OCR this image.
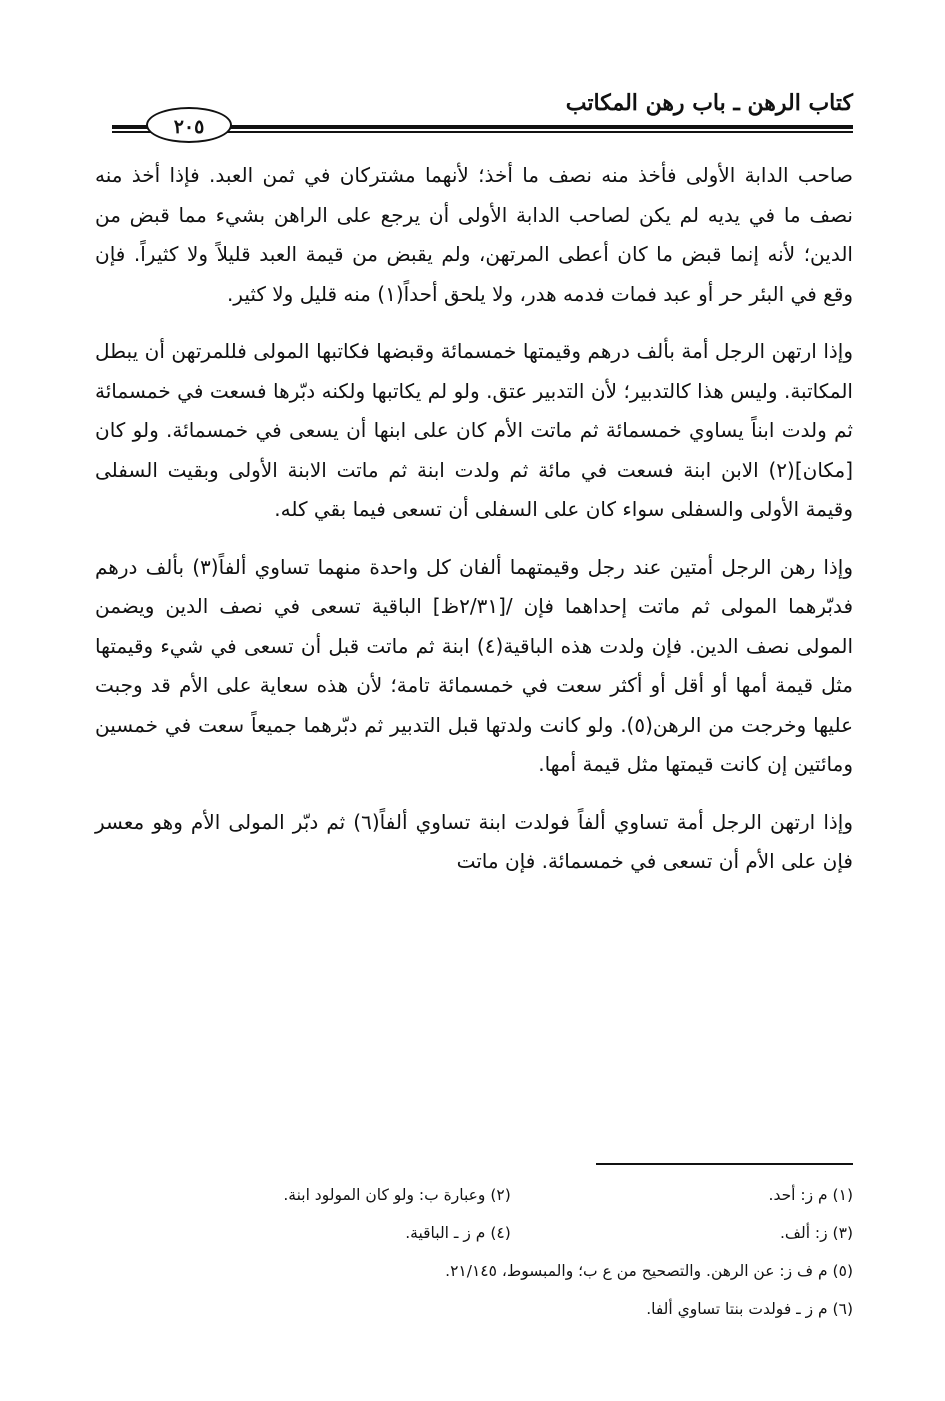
كتاب الرهن ـ باب رهن المكاتب
٢٠٥

صاحب الدابة الأولى فأخذ منه نصف ما أخذ؛ لأنهما مشتركان في ثمن العبد. فإذا أخذ منه نصف ما في يديه لم يكن لصاحب الدابة الأولى أن يرجع على الراهن بشيء مما قبض من الدين؛ لأنه إنما قبض ما كان أعطى المرتهن، ولم يقبض من قيمة العبد قليلاً ولا كثيراً. فإن وقع في البئر حر أو عبد فمات فدمه هدر، ولا يلحق أحداً(١) منه قليل ولا كثير.

وإذا ارتهن الرجل أمة بألف درهم وقيمتها خمسمائة وقبضها فكاتبها المولى فللمرتهن أن يبطل المكاتبة. وليس هذا كالتدبير؛ لأن التدبير عتق. ولو لم يكاتبها ولكنه دبّرها فسعت في خمسمائة ثم ولدت ابناً يساوي خمسمائة ثم ماتت الأم كان على ابنها أن يسعى في خمسمائة. ولو كان [مكان](٢) الابن ابنة فسعت في مائة ثم ولدت ابنة ثم ماتت الابنة الأولى وبقيت السفلى وقيمة الأولى والسفلى سواء كان على السفلى أن تسعى فيما بقي كله.

وإذا رهن الرجل أمتين عند رجل وقيمتهما ألفان كل واحدة منهما تساوي ألفاً(٣) بألف درهم فدبّرهما المولى ثم ماتت إحداهما فإن /[٢/٣١ظ] الباقية تسعى في نصف الدين ويضمن المولى نصف الدين. فإن ولدت هذه الباقية(٤) ابنة ثم ماتت قبل أن تسعى في شيء وقيمتها مثل قيمة أمها أو أقل أو أكثر سعت في خمسمائة تامة؛ لأن هذه سعاية على الأم قد وجبت عليها وخرجت من الرهن(٥). ولو كانت ولدتها قبل التدبير ثم دبّرهما جميعاً سعت في خمسين ومائتين إن كانت قيمتها مثل قيمة أمها.

وإذا ارتهن الرجل أمة تساوي ألفاً فولدت ابنة تساوي ألفاً(٦) ثم دبّر المولى الأم وهو معسر فإن على الأم أن تسعى في خمسمائة. فإن ماتت

(١) م ز: أحد.
(٢) وعبارة ب: ولو كان المولود ابنة.
(٣) ز: ألف.
(٤) م ز ـ الباقية.
(٥) م ف ز: عن الرهن. والتصحيح من ع ب؛ والمبسوط، ٢١/١٤٥.
(٦) م ز ـ فولدت بنتا تساوي ألفا.
